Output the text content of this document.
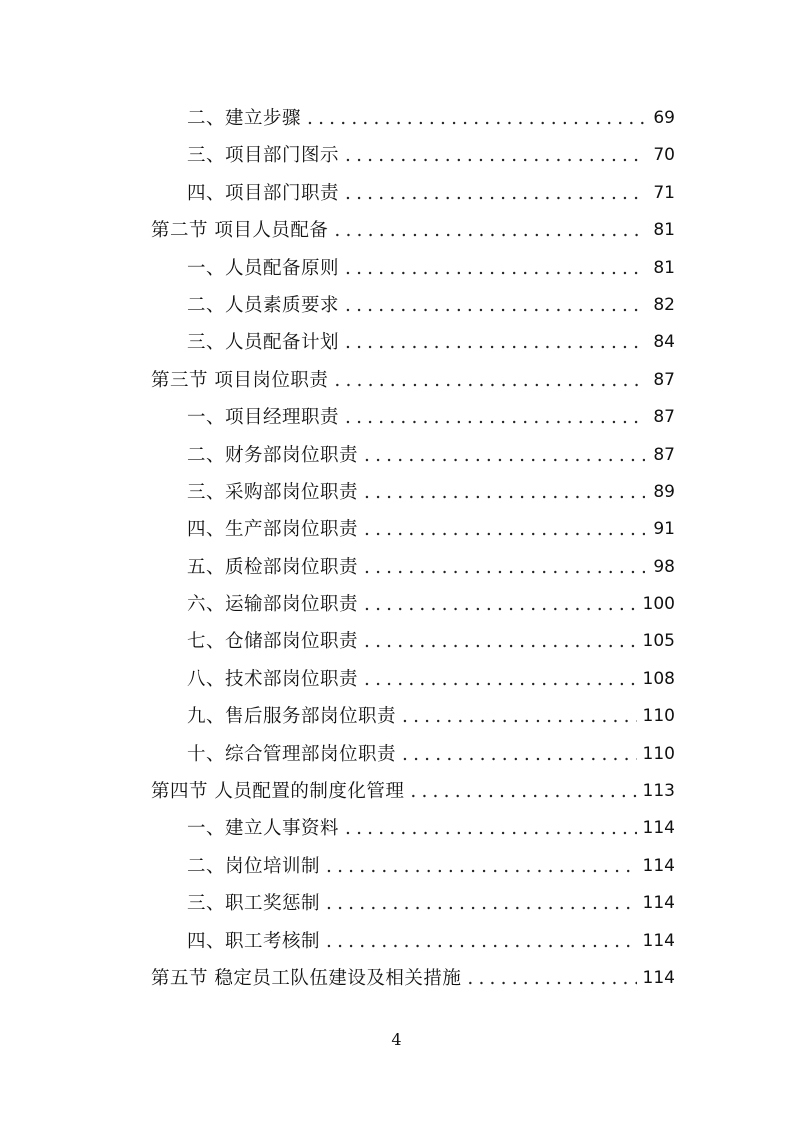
二、建立步骤 .....	69
三、项目部门图示 .....	70
四、项目部门职责 .....	71
第二节 项目人员配备 .....	81
一、人员配备原则 .....	81
二、人员素质要求 .....	82
三、人员配备计划 .....	84
第三节 项目岗位职责 .....	87
一、项目经理职责 .....	87
二、财务部岗位职责 .....	87
三、采购部岗位职责 .....	89
四、生产部岗位职责 .....	91
五、质检部岗位职责 .....	98
六、运输部岗位职责 .....	100
七、仓储部岗位职责 .....	105
八、技术部岗位职责 .....	108
九、售后服务部岗位职责 .....	110
十、综合管理部岗位职责 .....	110
第四节 人员配置的制度化管理 .....	113
一、建立人事资料 .....	114
二、岗位培训制 .....	114
三、职工奖惩制 .....	114
四、职工考核制 .....	114
第五节 稳定员工队伍建设及相关措施 .....	114
4
